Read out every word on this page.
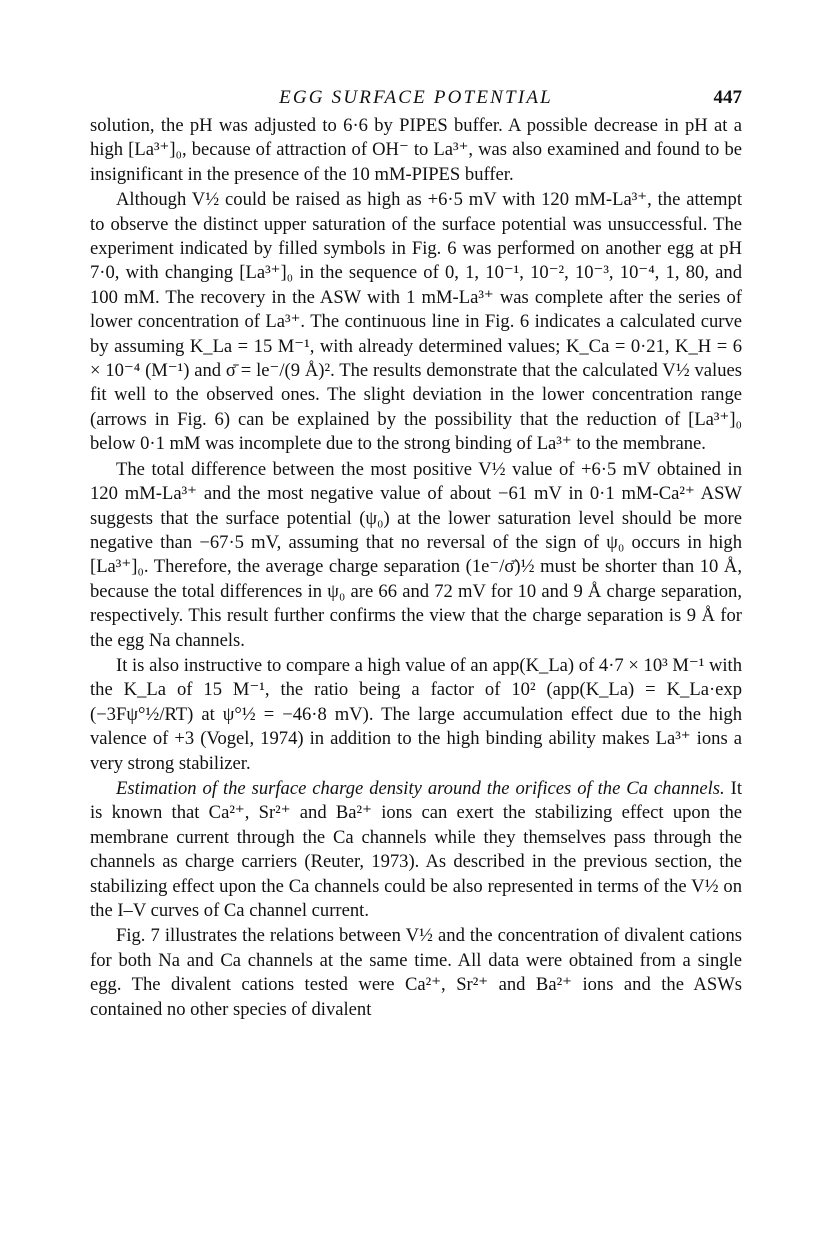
EGG SURFACE POTENTIAL	447

solution, the pH was adjusted to 6·6 by PIPES buffer. A possible decrease in pH at a high [La³⁺]₀, because of attraction of OH⁻ to La³⁺, was also examined and found to be insignificant in the presence of the 10 mM-PIPES buffer.

Although V½ could be raised as high as +6·5 mV with 120 mM-La³⁺, the attempt to observe the distinct upper saturation of the surface potential was unsuccessful. The experiment indicated by filled symbols in Fig. 6 was performed on another egg at pH 7·0, with changing [La³⁺]₀ in the sequence of 0, 1, 10⁻¹, 10⁻², 10⁻³, 10⁻⁴, 1, 80, and 100 mM. The recovery in the ASW with 1 mM-La³⁺ was complete after the series of lower concentration of La³⁺. The continuous line in Fig. 6 indicates a calculated curve by assuming K_La = 15 M⁻¹, with already determined values; K_Ca = 0·21, K_H = 6 × 10⁻⁴ (M⁻¹) and σ̄ = le⁻/(9 Å)². The results demonstrate that the calculated V½ values fit well to the observed ones. The slight deviation in the lower concentration range (arrows in Fig. 6) can be explained by the possibility that the reduction of [La³⁺]₀ below 0·1 mM was incomplete due to the strong binding of La³⁺ to the membrane.

The total difference between the most positive V½ value of +6·5 mV obtained in 120 mM-La³⁺ and the most negative value of about −61 mV in 0·1 mM-Ca²⁺ ASW suggests that the surface potential (ψ₀) at the lower saturation level should be more negative than −67·5 mV, assuming that no reversal of the sign of ψ₀ occurs in high [La³⁺]₀. Therefore, the average charge separation (1e⁻/σ̄)½ must be shorter than 10 Å, because the total differences in ψ₀ are 66 and 72 mV for 10 and 9 Å charge separation, respectively. This result further confirms the view that the charge separation is 9 Å for the egg Na channels.

It is also instructive to compare a high value of an app(K_La) of 4·7 × 10³ M⁻¹ with the K_La of 15 M⁻¹, the ratio being a factor of 10² (app(K_La) = K_La·exp (−3Fψ°½/RT) at ψ°½ = −46·8 mV). The large accumulation effect due to the high valence of +3 (Vogel, 1974) in addition to the high binding ability makes La³⁺ ions a very strong stabilizer.

Estimation of the surface charge density around the orifices of the Ca channels. It is known that Ca²⁺, Sr²⁺ and Ba²⁺ ions can exert the stabilizing effect upon the membrane current through the Ca channels while they themselves pass through the channels as charge carriers (Reuter, 1973). As described in the previous section, the stabilizing effect upon the Ca channels could be also represented in terms of the V½ on the I–V curves of Ca channel current.

Fig. 7 illustrates the relations between V½ and the concentration of divalent cations for both Na and Ca channels at the same time. All data were obtained from a single egg. The divalent cations tested were Ca²⁺, Sr²⁺ and Ba²⁺ ions and the ASWs contained no other species of divalent
